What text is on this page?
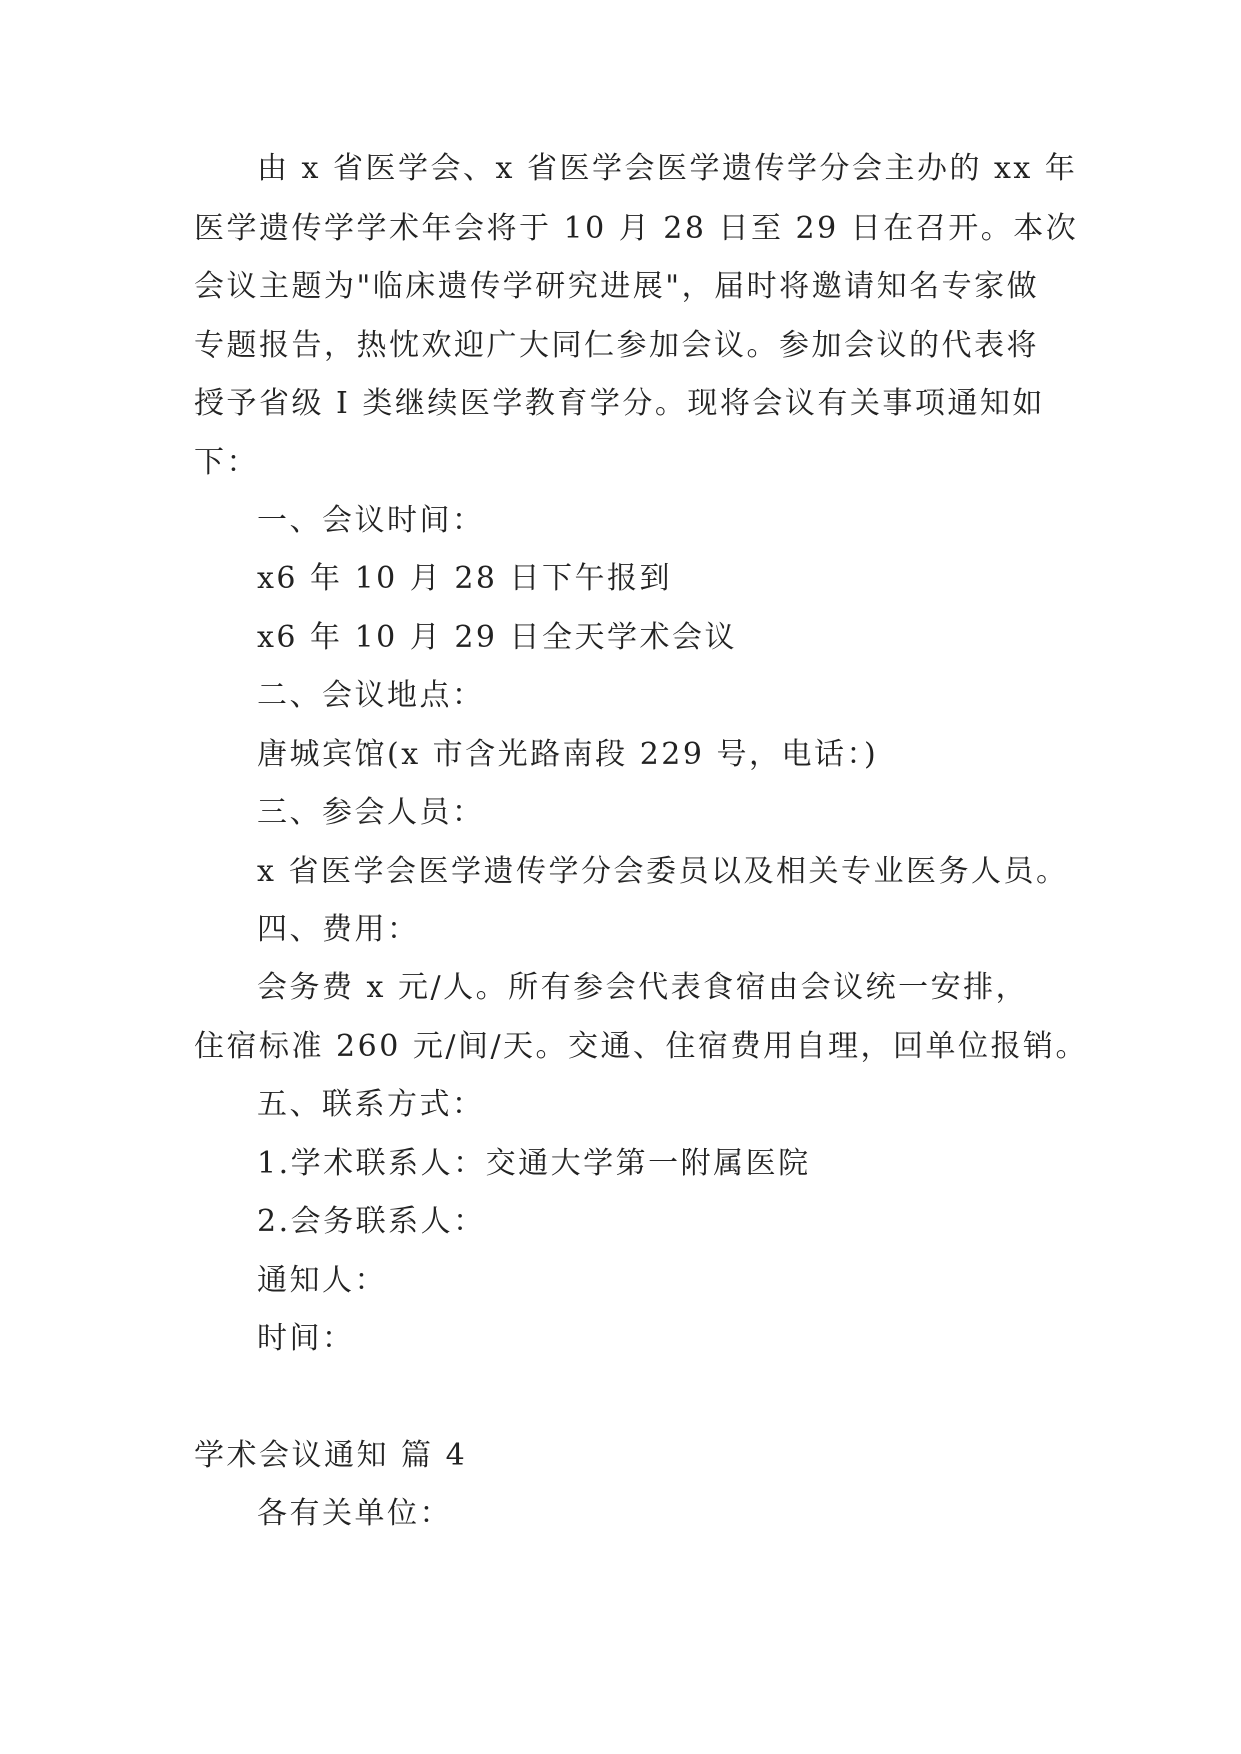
由 x 省医学会、x 省医学会医学遗传学分会主办的 xx 年
医学遗传学学术年会将于 10 月 28 日至 29 日在召开。本次
会议主题为"临床遗传学研究进展"，届时将邀请知名专家做
专题报告，热忱欢迎广大同仁参加会议。参加会议的代表将
授予省级 I 类继续医学教育学分。现将会议有关事项通知如
下：
一、会议时间：
x6 年 10 月 28 日下午报到
x6 年 10 月 29 日全天学术会议
二、会议地点：
唐城宾馆(x 市含光路南段 229 号，电话：)
三、参会人员：
x 省医学会医学遗传学分会委员以及相关专业医务人员。
四、费用：
会务费 x 元/人。所有参会代表食宿由会议统一安排，
住宿标准 260 元/间/天。交通、住宿费用自理，回单位报销。
五、联系方式：
1.学术联系人：交通大学第一附属医院
2.会务联系人：
通知人：
时间：
学术会议通知 篇 4
各有关单位：
